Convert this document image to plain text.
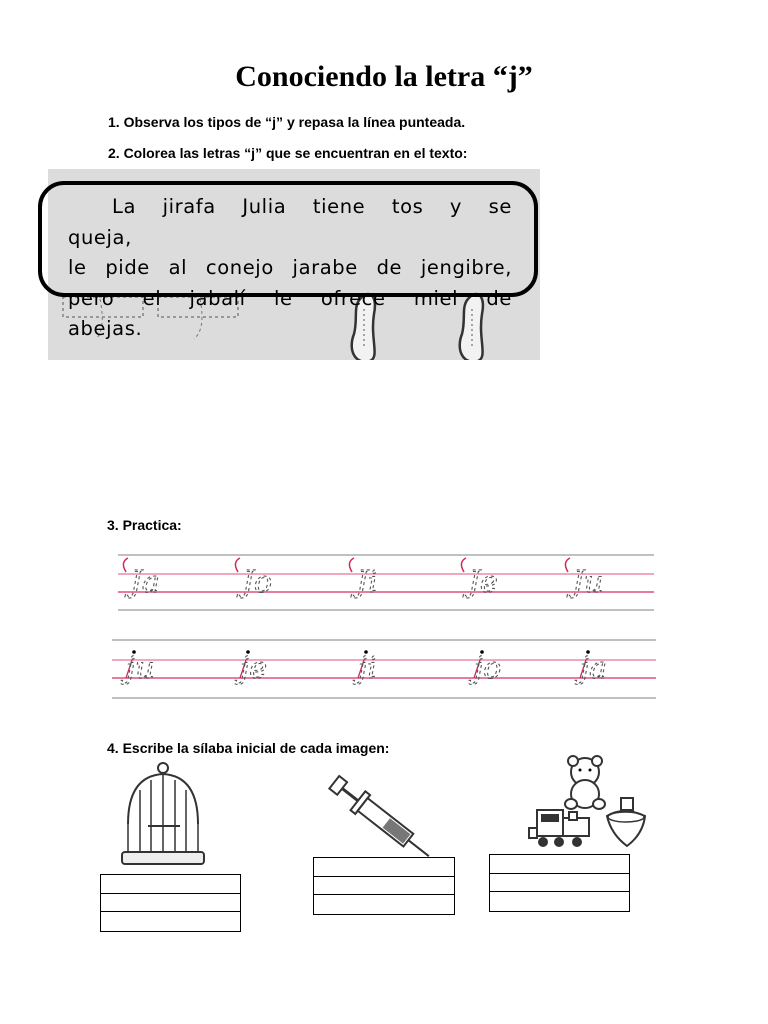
Conociendo la letra “j”
1. Observa los tipos de “j” y repasa la línea punteada.
2. Colorea las letras “j” que se encuentran en el texto:
La jirafa Julia tiene tos y se
queja,
le pide al conejo jarabe de jengibre,
pero el jabalí le ofrece miel de
abejas.
3. Practica:
Ja	Jo	Ji	Je Ju
ju	je	ji	jo	ja
4. Escribe la sílaba inicial de cada imagen:
